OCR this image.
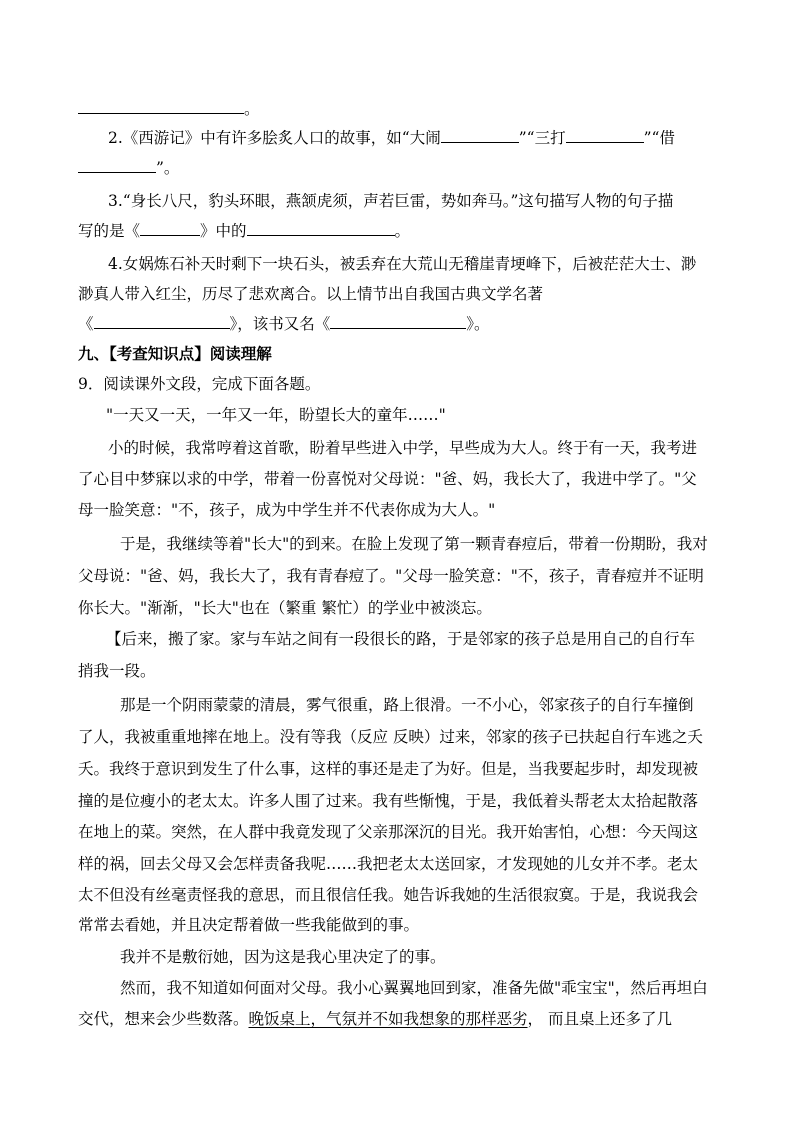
。
2.《西游记》中有许多脍炙人口的故事，如“大闹	”“三打	”“借
”。
3.“身长八尺，豹头环眼，燕颔虎须，声若巨雷，势如奔马。”这句描写人物的句子描
写的是《	》中的	。
4.女娲炼石补天时剩下一块石头，被丢弃在大荒山无稽崖青埂峰下，后被茫茫大士、渺
渺真人带入红尘，历尽了悲欢离合。以上情节出自我国古典文学名著
《	》，该书又名《	》。
九、【考查知识点】阅读理解
9．阅读课外文段，完成下面各题。
"一天又一天，一年又一年，盼望长大的童年……"
小的时候，我常哼着这首歌，盼着早些进入中学，早些成为大人。终于有一天，我考进
了心目中梦寐以求的中学，带着一份喜悦对父母说："爸、妈，我长大了，我进中学了。"父
母一脸笑意："不，孩子，成为中学生并不代表你成为大人。"
于是，我继续等着"长大"的到来。在脸上发现了第一颗青春痘后，带着一份期盼，我对
父母说："爸、妈，我长大了，我有青春痘了。"父母一脸笑意："不，孩子，青春痘并不证明
你长大。"渐渐，"长大"也在（繁重 繁忙）的学业中被淡忘。
【后来，搬了家。家与车站之间有一段很长的路，于是邻家的孩子总是用自己的自行车
捎我一段。
那是一个阴雨蒙蒙的清晨，雾气很重，路上很滑。一不小心，邻家孩子的自行车撞倒
了人，我被重重地摔在地上。没有等我（反应 反映）过来，邻家的孩子已扶起自行车逃之夭
夭。我终于意识到发生了什么事，这样的事还是走了为好。但是，当我要起步时，却发现被
撞的是位瘦小的老太太。许多人围了过来。我有些惭愧，于是，我低着头帮老太太拾起散落
在地上的菜。突然，在人群中我竟发现了父亲那深沉的目光。我开始害怕，心想：今天闯这
样的祸，回去父母又会怎样责备我呢……我把老太太送回家，才发现她的儿女并不孝。老太
太不但没有丝毫责怪我的意思，而且很信任我。她告诉我她的生活很寂寞。于是，我说我会
常常去看她，并且决定帮着做一些我能做到的事。
我并不是敷衍她，因为这是我心里决定了的事。
然而，我不知道如何面对父母。我小心翼翼地回到家，准备先做"乖宝宝"，然后再坦白
交代，想来会少些数落。晚饭桌上，气氛并不如我想象的那样恶劣， 而且桌上还多了几
